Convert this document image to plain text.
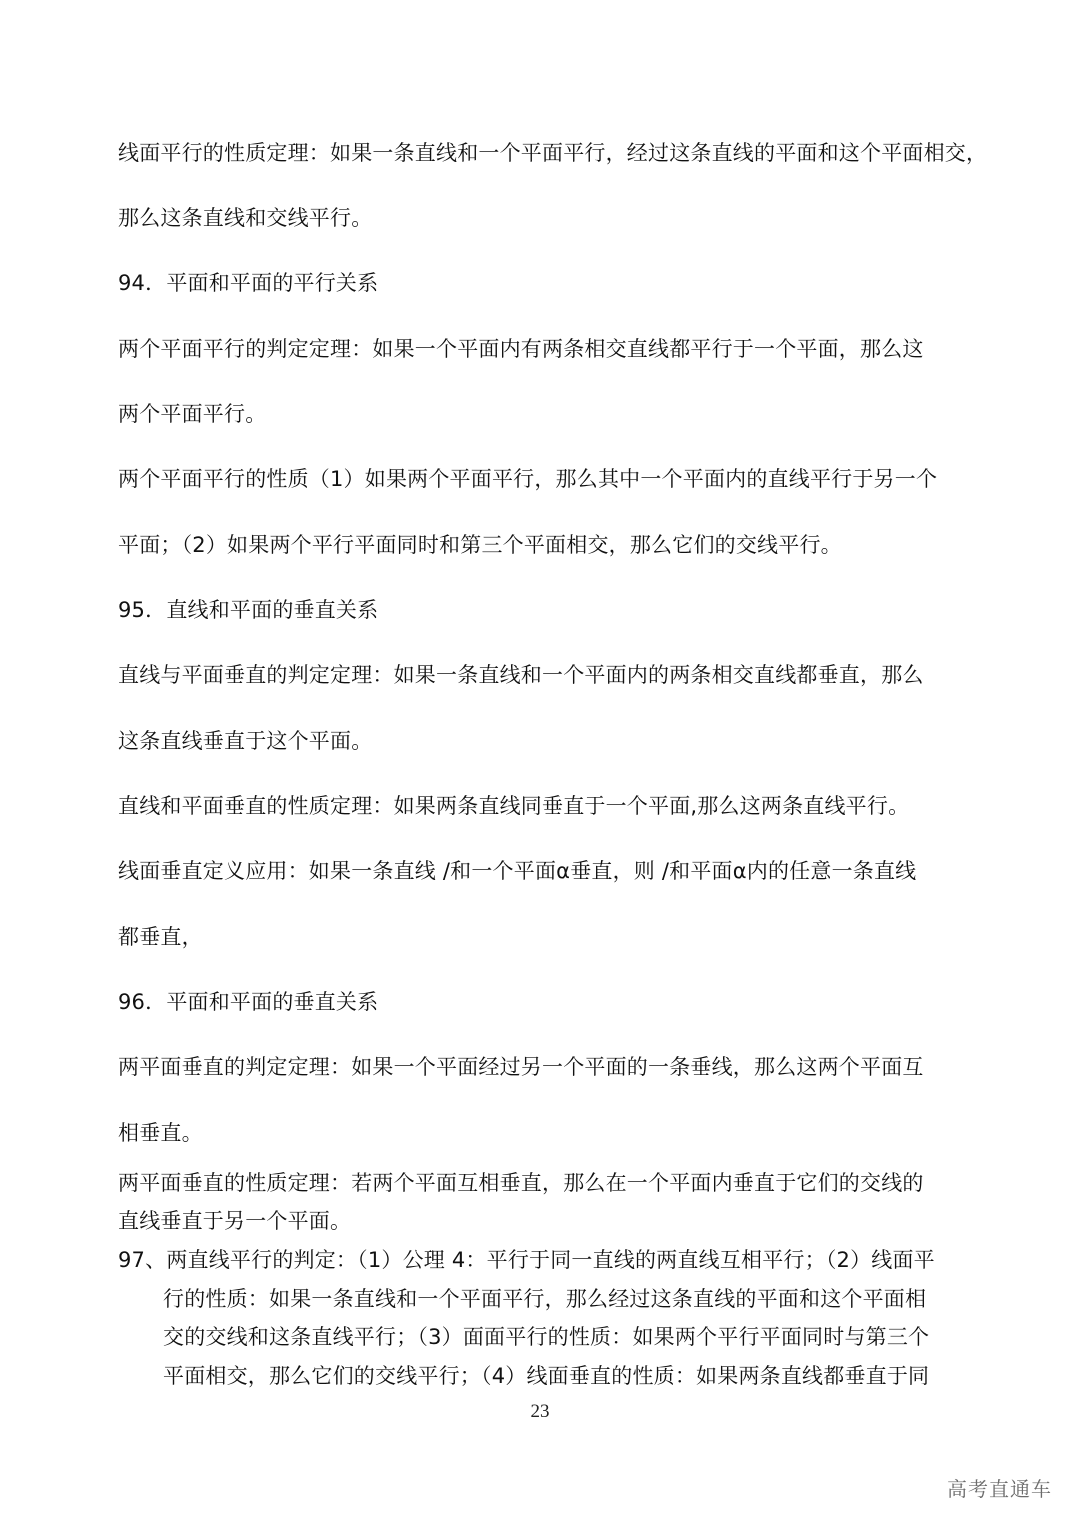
线面平行的性质定理：如果一条直线和一个平面平行，经过这条直线的平面和这个平面相交，
那么这条直线和交线平行。
94．平面和平面的平行关系
两个平面平行的判定定理：如果一个平面内有两条相交直线都平行于一个平面，那么这
两个平面平行。
两个平面平行的性质（1）如果两个平面平行，那么其中一个平面内的直线平行于另一个
平面；（2）如果两个平行平面同时和第三个平面相交，那么它们的交线平行。
95．直线和平面的垂直关系
直线与平面垂直的判定定理：如果一条直线和一个平面内的两条相交直线都垂直，那么
这条直线垂直于这个平面。
直线和平面垂直的性质定理：如果两条直线同垂直于一个平面,那么这两条直线平行。
线面垂直定义应用：如果一条直线 /和一个平面α垂直，则 /和平面α内的任意一条直线
都垂直，
96．平面和平面的垂直关系
两平面垂直的判定定理：如果一个平面经过另一个平面的一条垂线，那么这两个平面互
相垂直。
两平面垂直的性质定理：若两个平面互相垂直，那么在一个平面内垂直于它们的交线的
直线垂直于另一个平面。
97、两直线平行的判定：（1）公理 4：平行于同一直线的两直线互相平行；（2）线面平
行的性质：如果一条直线和一个平面平行，那么经过这条直线的平面和这个平面相
交的交线和这条直线平行；（3）面面平行的性质：如果两个平行平面同时与第三个
平面相交，那么它们的交线平行；（4）线面垂直的性质：如果两条直线都垂直于同
23
高考直通车
